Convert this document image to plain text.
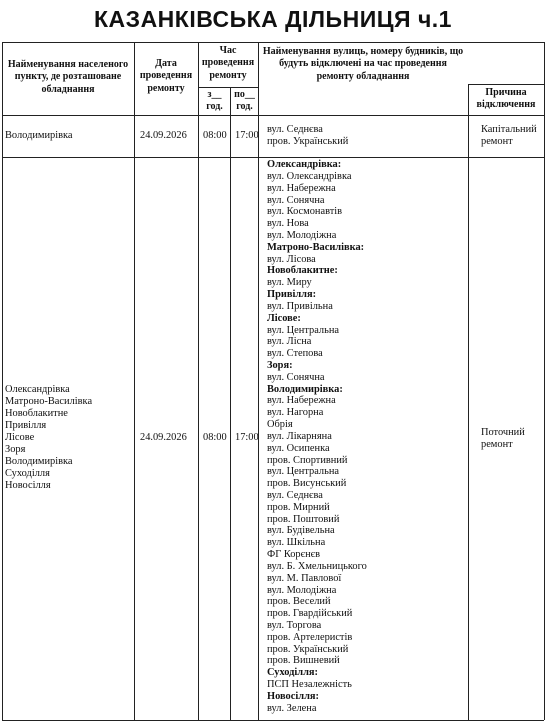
КАЗАНКІВСЬКА ДІЛЬНИЦЯ ч.1
Найменування населеного пункту, де розташоване обладнання
Дата проведення ремонту
Час проведення ремонту
з__ год.
по__ год.
Найменування вулиць, номеру будників, що будуть відключені на час проведення ремонту обладнання
Причина відключення
Володимирівка	24.09.2026 08:00 17:00
вул. Седнєва
пров. Український
Капітальний ремонт
Олександрівка
Матроно-Василівка
Новоблакитне
Привілля
Лісове
Зоря
Володимирівка
Суходілля
Новосілля
24.09.2026 08:00 17:00
Олександрівка:
вул. Олександрівка
вул. Набережна
вул. Сонячна
вул. Космонавтів
вул. Нова
вул. Молодіжна
Матроно-Василівка:
вул. Лісова
Новоблакитне:
вул. Миру
Привілля:
вул. Привільна
Лісове:
вул. Центральна
вул. Лісна
вул. Степова
Зоря:
вул. Сонячна
Володимирівка:
вул. Набережна
вул. Нагорна
Обрія
вул. Лікарняна
вул. Осипенка
пров. Спортивний
вул. Центральна
пров. Висунський
вул. Седнєва
пров. Мирний
пров. Поштовий
вул. Будівельна
вул. Шкільна
ФГ Корєнєв
вул. Б. Хмельницького
вул. М. Павлової
вул. Молодіжна
пров. Веселий
пров. Гвардійський
вул. Торгова
пров. Артелеристів
пров. Український
пров. Вишневий
Суходілля:
ПСП Незалежність
Новосілля:
вул. Зелена
Поточний ремонт
